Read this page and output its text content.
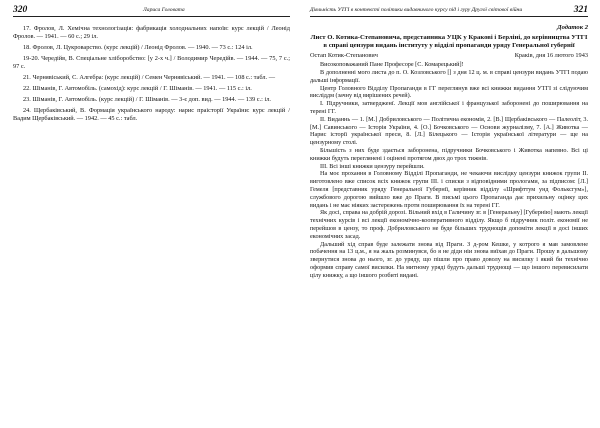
320	Лариса Головата

17. Фролов, Л. Хемічна технологізація: фабрикація холоднальних напоїв: курс лекцій / Леонід Фролов. — 1941. — 60 с.; 29 іл.

18. Фролов, Л. Цукроварство. (курс лекцій) / Леонід Фролов. — 1940. — 73 с.: 124 іл.

19-20. Чередійв, В. Спеціальне хліборобство: [у 2-х ч.] / Володимир Чередійв. — 1944. — 75, 7 с.; 97 с.

21. Чернявіський, С. Алгебра: (курс лекцій) / Семен Чернявіський. — 1941. — 108 с.: табл. —

22. Шіманів, Г. Автомобіль. (самохід): курс лекцій / Г. Шіманів. — 1941. — 115 с.: іл.

23. Шіманів, Г. Автомобіль. (курс лекцій) / Г. Шіманів. — 3-є доп. вид. — 1944. — 139 с.: іл.

24. Щербаківський, В. Формація українського народу: нарис праісторії України: курс лекцій / Вадим Щербаківський. — 1942. — 45 с.: табл.

Діяльність УТГІ в контексті політики видавничого курсу під і гуру Другої світової війни	321
Додаток 2
Лист О. Котика-Степановича, представника УЦК у Кракові і Берліні, до керівництва УТГІ в справі цензури видань інституту у відділі пропаганди уряду Генеральної губернії
Остап Котик-Степанович	Краків, дня 16 лютого 1943

Високоповажаний Пане Професоре [С. Комарецький]!

В дополненні мого листа до п. О. Козловського [] з дня 12 ц. м. в справі цензури видань УТГІ подаю дальші інформації.

Центр Головного Відділу Пропаганди в ГГ переглянув вже всі книжки видання УТГІ зі слідуючим висліддм (зачну від вирішених речей).

І. Підручники, затвердженї. Лекції мов англійської і французької заборонені до поширювання на терені ГГ.

ІІ. Виданнь — 1. [М.] Добриловського — Політична економія, 2. [В.] Щербаківського — Палеоліт, 3. [М.] Савинського — Історія України, 4. [О.] Бочковського — Основи журналізму, 7. [А.] Животка — Нарис історії української преси, 8. [Л.] Білецького — Історія української літератури — ще на цензурному столі.

Більшість з них буде здається заборонена, підручники Бочковського і Животка напевно. Всі ці книжки будуть переглянені і оцінені протягом двох до трох тижнів.

ІІІ. Всі інші книжки цензуру перейшли.

На моє прохання в Головному Відділі Пропаганди, не чекаючи вислідку цензури книжок групи ІІ. виготовлено вже список всіх книжок групи ІІІ. і списки з відповідними прологами, за підписом: [Л.] Гемеля [представник уряду Генеральної Губернії, керівник відділу «Шрифттум унд Фольксгум»], службового дорогою вийшло вже до Праги. В письмі цього Пропаганда дає прихильну оцінку цих видань і не має ніяких застережень проти поширювання їх на терені ГГ.

Як досі, справа на добрій дорозі. Вільний вхід в Галичину зг. в [Генеральну] [Губернію] мають лекції технічних курсів і всі лекції економічно-кооперативного відділу. Якщо б підручник політ. економії не перейшов в цензу, то проф. Добриловського не буде більших труднощів допоміти лекції в досі інших економічних засад.

Дальший хід справ буде залежати знова від Праги. З д-ром Кешке, у котрого я мав замовлене побачення на 13 ц.м., я на жаль розминувся, бо я не діди ніи знова виїхав до Праги. Прошу в дальшому звернутися знова до нього, зг. до уряду, що пішли про право доволу на висилку і який би технічно оформив справу самої висилки. На митному уряді будуть дальші труднощі — що іншого перевисилати цілу книжку, а що іншого розбиті видані.
